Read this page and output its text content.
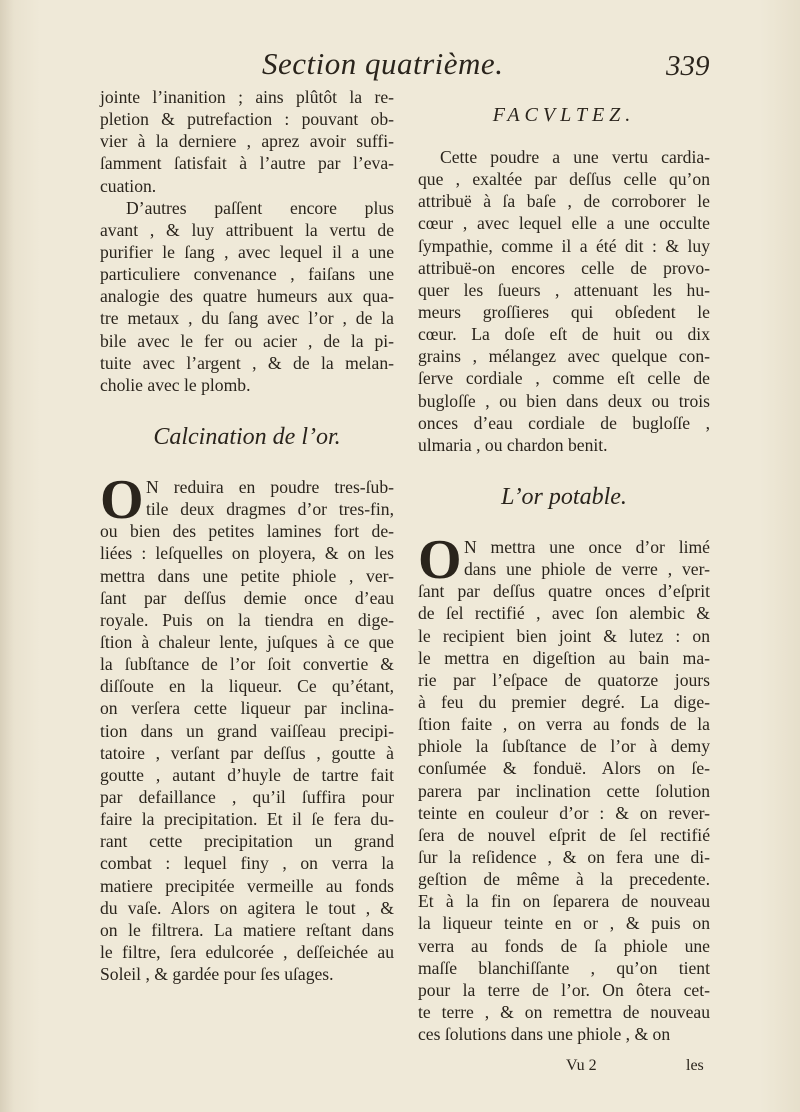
Section quatrième.	339
jointe l’inanition ; ains plûtôt la re-
pletion & putrefaction : pouvant ob-
vier à la derniere , aprez avoir suffi-
ſamment ſatisfait à l’autre par l’eva-
cuation.
D’autres paſſent encore plus
avant , & luy attribuent la vertu de
purifier le ſang , avec lequel il a une
particuliere convenance , faiſans une
analogie des quatre humeurs aux qua-
tre metaux , du ſang avec l’or , de la
bile avec le fer ou acier , de la pi-
tuite avec l’argent , & de la melan-
cholie avec le plomb.
Calcination de l’or.
O N reduira en poudre tres-ſub-
tile deux dragmes d’or tres-fin,
ou bien des petites lamines fort de-
liées : leſquelles on ployera, & on les
mettra dans une petite phiole , ver-
ſant par deſſus demie once d’eau
royale. Puis on la tiendra en dige-
ſtion à chaleur lente, juſques à ce que
la ſubſtance de l’or ſoit convertie &
diſſoute en la liqueur. Ce qu’étant,
on verſera cette liqueur par inclina-
tion dans un grand vaiſſeau precipi-
tatoire , verſant par deſſus , goutte à
goutte , autant d’huyle de tartre fait
par defaillance , qu’il ſuffira pour
faire la precipitation. Et il ſe fera du-
rant cette precipitation un grand
combat : lequel finy , on verra la
matiere precipitée vermeille au fonds
du vaſe. Alors on agitera le tout , &
on le filtrera. La matiere reſtant dans
le filtre, ſera edulcorée , deſſeichée au
Soleil , & gardée pour ſes uſages.
FACVLTEZ.
Cette poudre a une vertu cardia-
que , exaltée par deſſus celle qu’on
attribuë à ſa baſe , de corroborer le
cœur , avec lequel elle a une occulte
ſympathie, comme il a été dit : & luy
attribuë-on encores celle de provo-
quer les ſueurs , attenuant les hu-
meurs groſſieres qui obſedent le
cœur. La doſe eſt de huit ou dix
grains , mélangez avec quelque con-
ſerve cordiale , comme eſt celle de
bugloſſe , ou bien dans deux ou trois
onces d’eau cordiale de bugloſſe ,
ulmaria , ou chardon benit.
L’or potable.
O N mettra une once d’or limé
dans une phiole de verre , ver-
ſant par deſſus quatre onces d’eſprit
de ſel rectifié , avec ſon alembic &
le recipient bien joint & lutez : on
le mettra en digeſtion au bain ma-
rie par l’eſpace de quatorze jours
à feu du premier degré. La dige-
ſtion faite , on verra au fonds de la
phiole la ſubſtance de l’or à demy
conſumée & fonduë. Alors on ſe-
parera par inclination cette ſolution
teinte en couleur d’or : & on rever-
ſera de nouvel eſprit de ſel rectifié
ſur la reſidence , & on fera une di-
geſtion de même à la precedente.
Et à la fin on ſeparera de nouveau
la liqueur teinte en or , & puis on
verra au fonds de ſa phiole une
maſſe blanchiſſante , qu’on tient
pour la terre de l’or. On ôtera cet-
te terre , & on remettra de nouveau
ces ſolutions dans une phiole , & on
Vu 2	les
